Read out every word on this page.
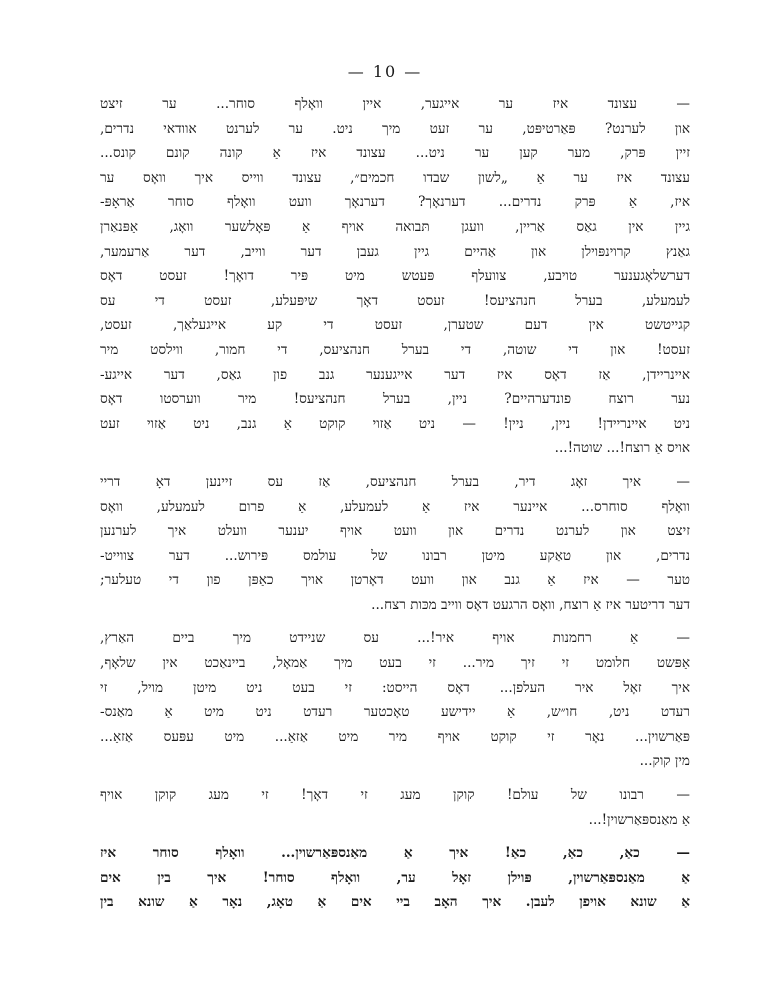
— 10 —
— עצונד איז ער אייגער, איין וואָלף סוחר... ער זיצט
און לערנט? פּאַרטיפּט, ער זעט מיך ניט. ער לערנט אוודאי נדרים,
זיין פּרק, מער קען ער ניט... עצונד איז אַ קונה קונם קונס...
עצונד איז ער אַ „לשון שבדו חכמים״, עצונד ווייס איך וואָס ער
איז, אַ פּרק נדרים... דערנאָך? דערנאָך וועט וואָלף סוחר אַראָפּ-
גיין אין גאַס אַריין, וועגן תּבואה אויף אַ פּאָלשער וואָג, אַפּנאַרן
גאַנץ קרוינפּוילן און אַהיים גיין געבן דער ווייב, דער אַרעמער,
דערשלאָגענער טויבע, צוועלף פּעטש מיט פּיר דואָך! זעסט דאָס
לעמעלע, בערל חנהציעס! זעסט דאָך שיפּעלע, זעסט די עס
קגייטשט אין דעם שטערן, זעסט די קע אייגעלאַך, זעסט,
זעסט! און די שוטה, די בערל חנהציעס, די חמור, ווילסט מיר
איינריידן, אַז דאָס איז דער אייגענער גנב פון גאַס, דער אייגע-
נער רוצח פונדערהיים? ניין, בערל חנהציעס! מיר ווערסטו דאָס
ניט איינריידן! ניין, ניין! — ניט אַזוי קוקט אַ גנב, ניט אַזוי זעט
אויס אַ רוצח!... שוטה!...
— איך זאָג דיר, בערל חנהציעס, אַז עס זיינען דאָ דריי
וואָלף סוחרס... איינער איז אַ לעמעלע, אַ פרום לעמעלע, וואָס
זיצט און לערנט נדרים און וועט אויף יענער וועלט איך לערנען
נדרים, און טאַקע מיטן רבונו של עולמס פּירוש... דער צווייט-
טער — איז אַ גנב און וועט דאָרטן אויך כאַפּן פון די טעלער;
דער דריטער איז אַ רוצח, וואָס הרגעט דאָס ווייב מכּות רצח...
— אַ רחמנות אויף איר!... עס שניידט מיך ביים האַרץ,
אַפּשט חלומט זי זיך מיר... זי בעט מיך אַמאָל, ביינאַכט אין שלאָף,
איך זאָל איר העלפן... דאָס הייסט: זי בעט ניט מיטן מויל, זי
רעדט ניט, חו״ש, אַ יידישע טאָכטער רעדט ניט מיט אַ מאַנס-
פּאַרשוין... נאָר זי קוקט אויף מיר מיט אַזאַ... מיט עפּעס אַזאַ...
מין קוק...
— רבונו של עולם! קוקן מעג זי דאָך! זי מעג קוקן אויף
אַ מאַנספּאַרשוין!...
— כאַ, כאַ, כאַ! איך אַ מאַנספּאַרשוין... וואָלף סוחר איז
אַ מאַנספּאַרשוין, פּוילן זאָל ער, וואָלף סוחר! איך בין אים
אַ שונא אויפן לעבן. איך האָב ביי אים אַ טאָג, נאָר אַ שונא בין
